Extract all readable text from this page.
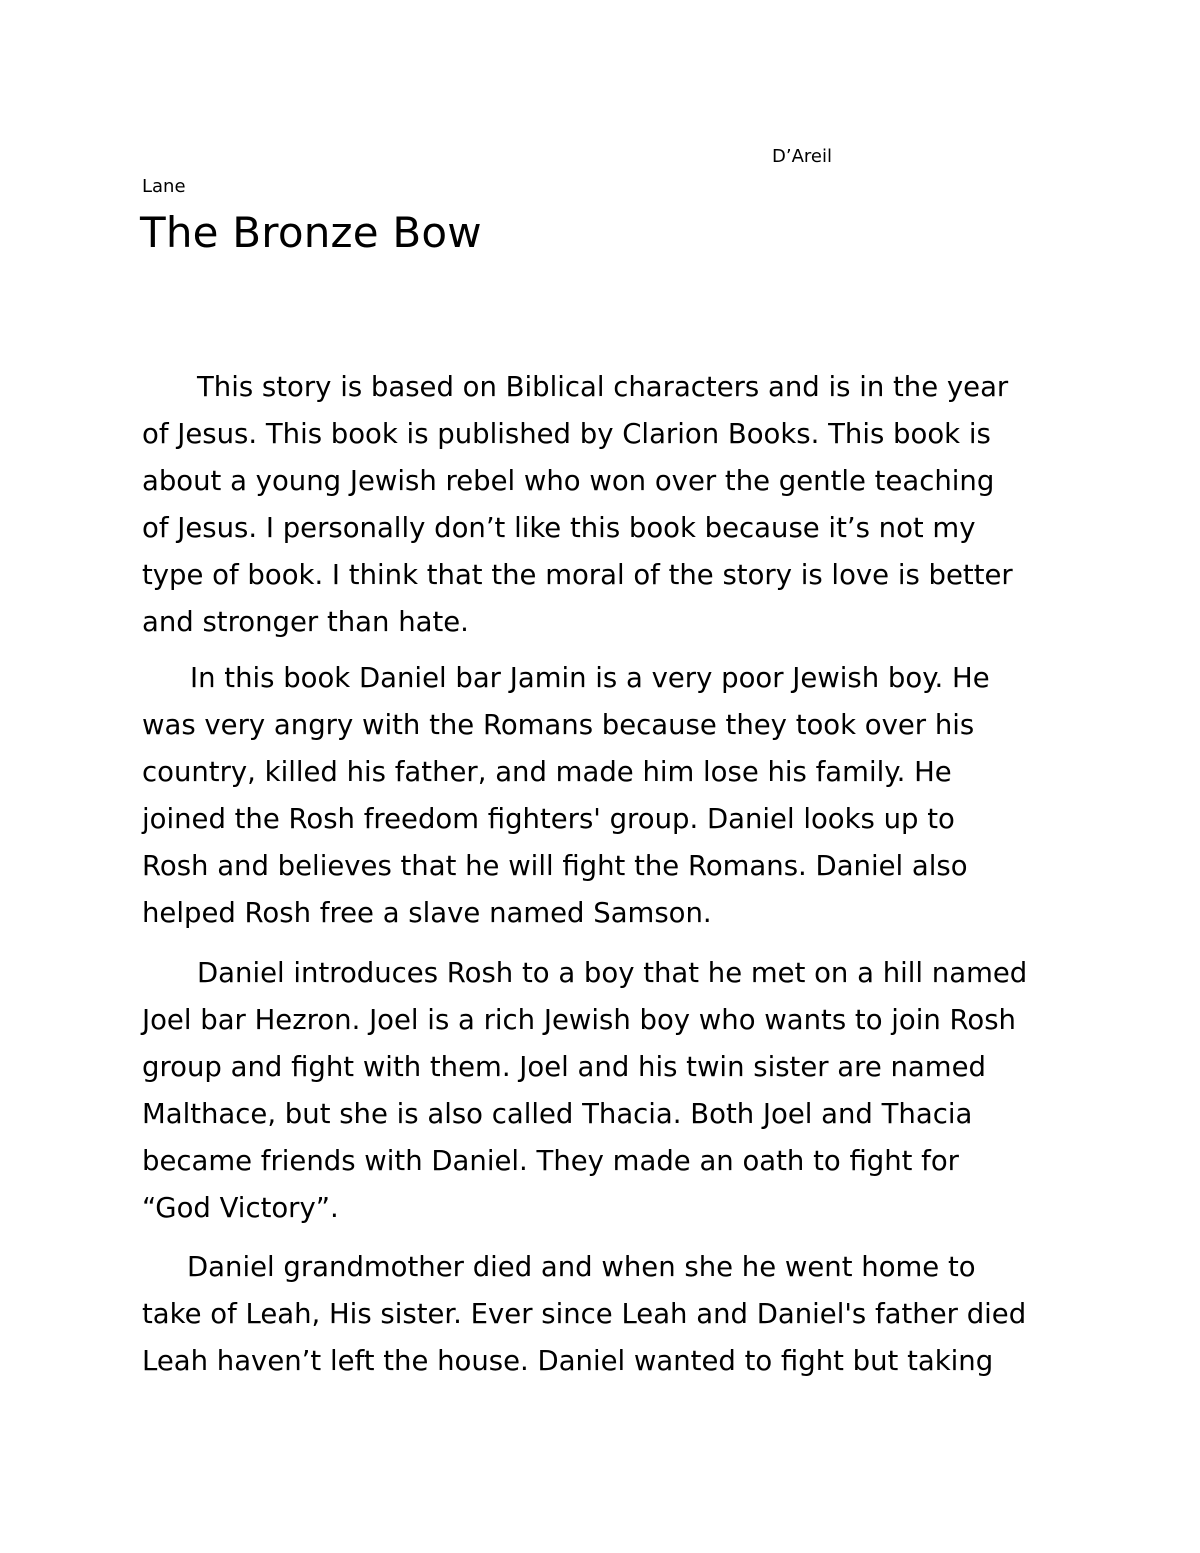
D’Areil
Lane
The Bronze Bow

This story is based on Biblical characters and is in the year
of Jesus. This book is published by Clarion Books. This book is
about a young Jewish rebel who won over the gentle teaching
of Jesus. I personally don’t like this book because it’s not my
type of book. I think that the moral of the story is love is better
and stronger than hate.

In this book Daniel bar Jamin is a very poor Jewish boy. He
was very angry with the Romans because they took over his
country, killed his father, and made him lose his family. He
joined the Rosh freedom fighters' group. Daniel looks up to
Rosh and believes that he will fight the Romans. Daniel also
helped Rosh free a slave named Samson.

Daniel introduces Rosh to a boy that he met on a hill named
Joel bar Hezron. Joel is a rich Jewish boy who wants to join Rosh
group and fight with them. Joel and his twin sister are named
Malthace, but she is also called Thacia. Both Joel and Thacia
became friends with Daniel. They made an oath to fight for
“God Victory”.

Daniel grandmother died and when she he went home to
take of Leah, His sister. Ever since Leah and Daniel's father died
Leah haven’t left the house. Daniel wanted to fight but taking
